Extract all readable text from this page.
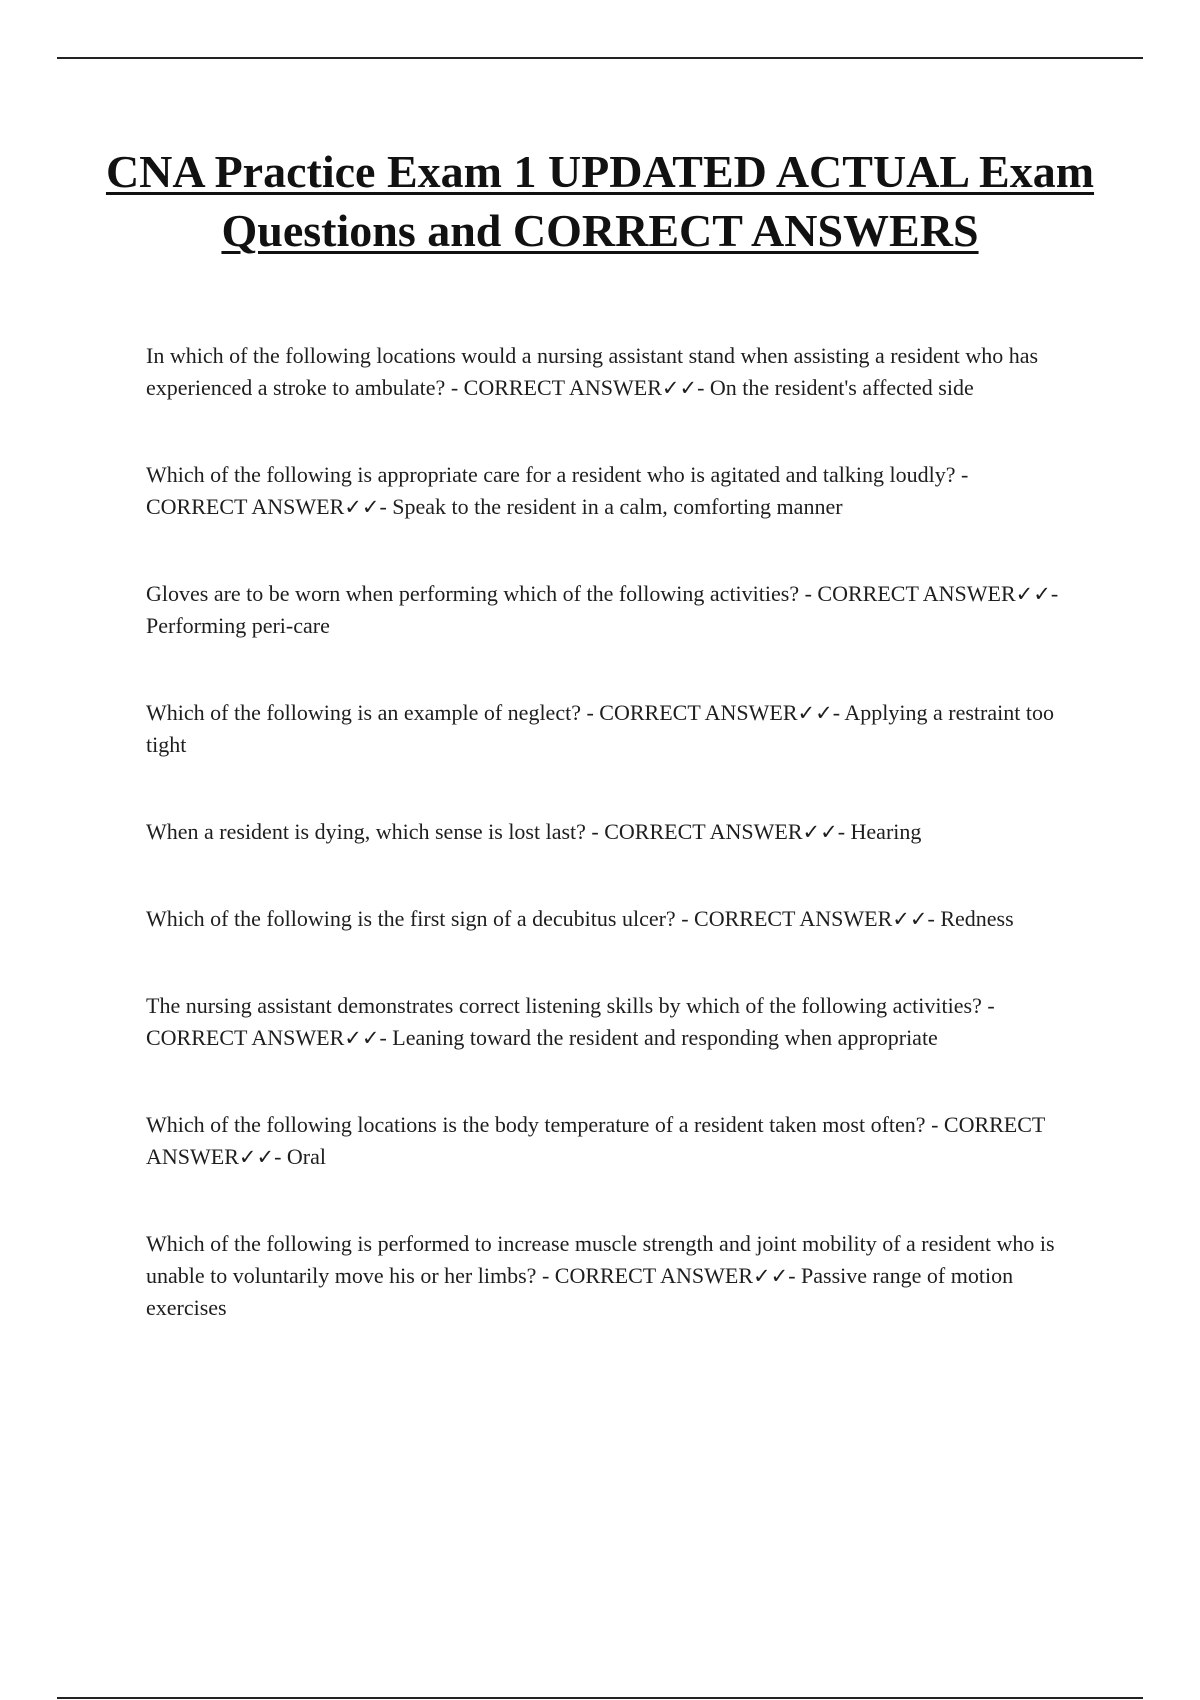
CNA Practice Exam 1 UPDATED ACTUAL Exam Questions and CORRECT ANSWERS

In which of the following locations would a nursing assistant stand when assisting a resident who has experienced a stroke to ambulate? - CORRECT ANSWER✓✓- On the resident's affected side

Which of the following is appropriate care for a resident who is agitated and talking loudly? - CORRECT ANSWER✓✓- Speak to the resident in a calm, comforting manner

Gloves are to be worn when performing which of the following activities? - CORRECT ANSWER✓✓- Performing peri-care

Which of the following is an example of neglect? - CORRECT ANSWER✓✓- Applying a restraint too tight

When a resident is dying, which sense is lost last? - CORRECT ANSWER✓✓- Hearing

Which of the following is the first sign of a decubitus ulcer? - CORRECT ANSWER✓✓- Redness

The nursing assistant demonstrates correct listening skills by which of the following activities? - CORRECT ANSWER✓✓- Leaning toward the resident and responding when appropriate

Which of the following locations is the body temperature of a resident taken most often? - CORRECT ANSWER✓✓- Oral

Which of the following is performed to increase muscle strength and joint mobility of a resident who is unable to voluntarily move his or her limbs? - CORRECT ANSWER✓✓- Passive range of motion exercises
